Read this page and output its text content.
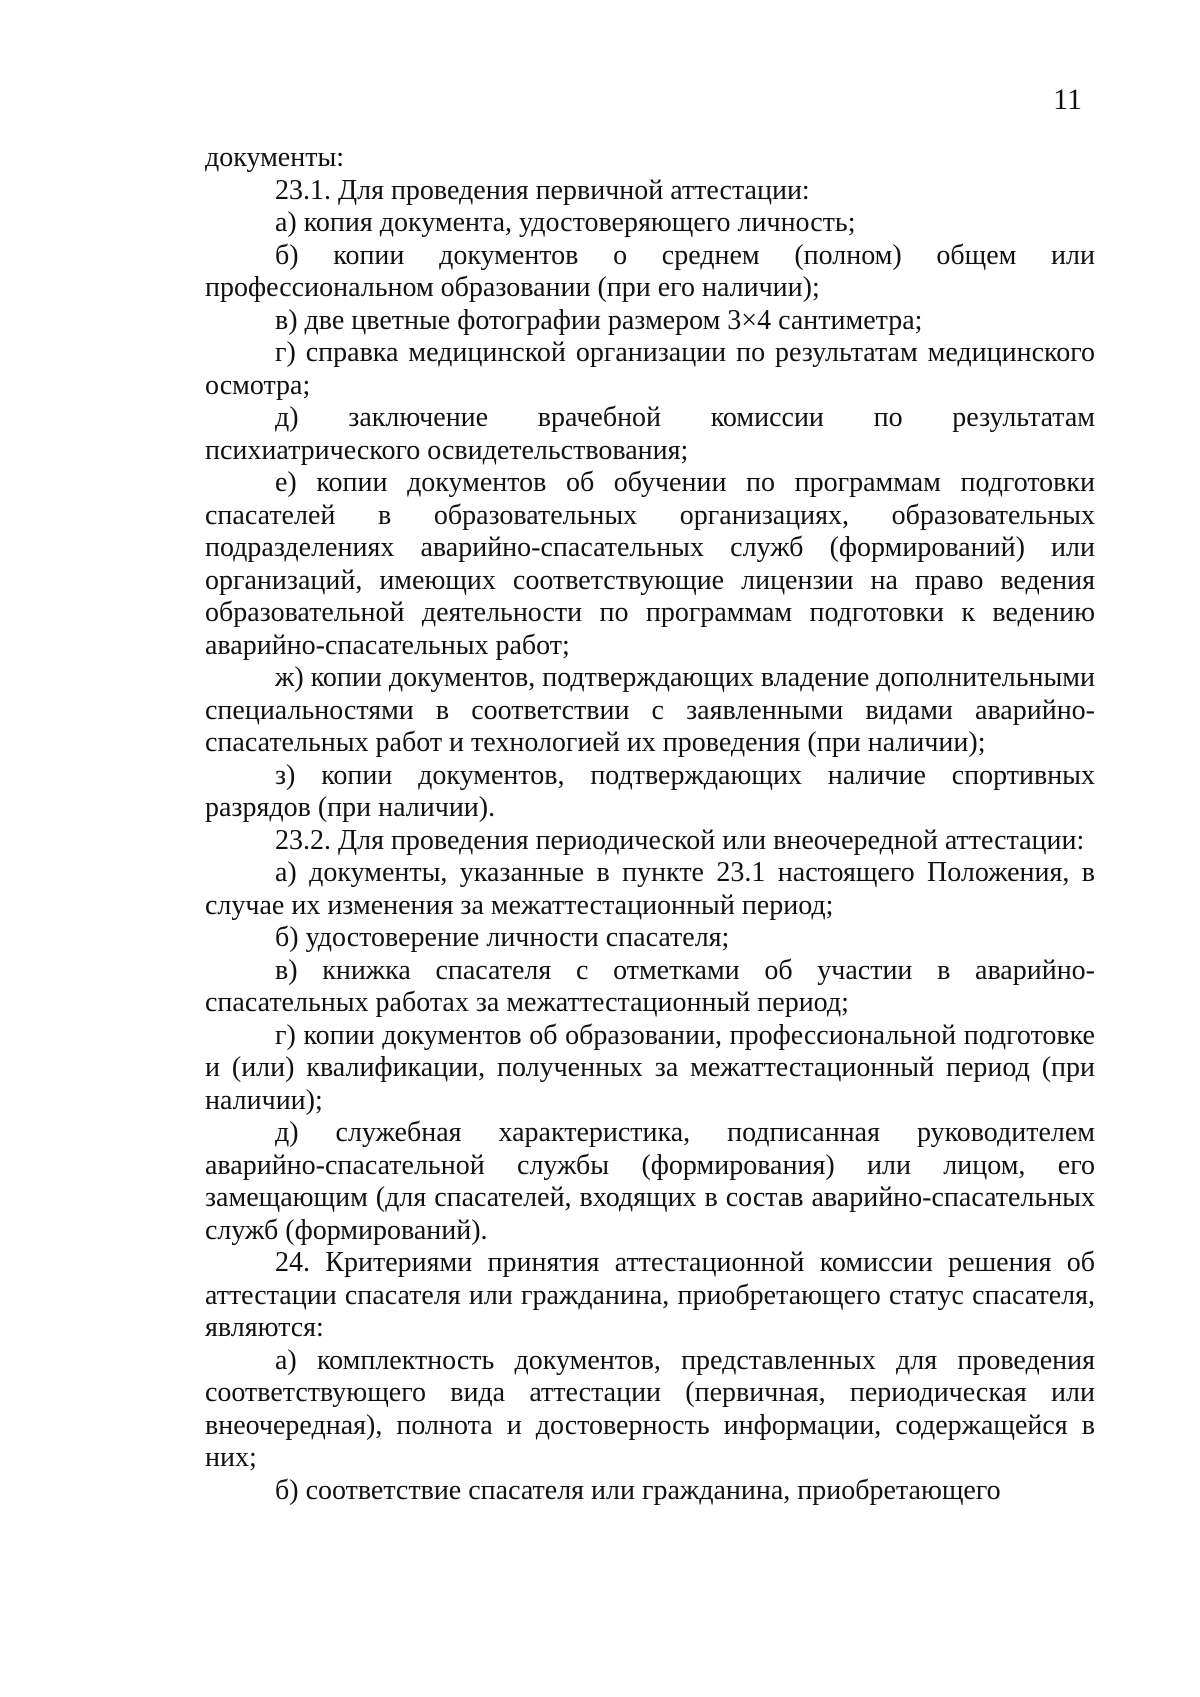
11

документы:

23.1. Для проведения первичной аттестации:

а) копия документа, удостоверяющего личность;

б) копии документов о среднем (полном) общем или профессиональном образовании (при его наличии);

в) две цветные фотографии размером 3×4 сантиметра;

г) справка медицинской организации по результатам медицинского осмотра;

д) заключение врачебной комиссии по результатам психиатрического освидетельствования;

е) копии документов об обучении по программам подготовки спасателей в образовательных организациях, образовательных подразделениях аварийно-спасательных служб (формирований) или организаций, имеющих соответствующие лицензии на право ведения образовательной деятельности по программам подготовки к ведению аварийно-спасательных работ;

ж) копии документов, подтверждающих владение дополнительными специальностями в соответствии с заявленными видами аварийно-спасательных работ и технологией их проведения (при наличии);

з) копии документов, подтверждающих наличие спортивных разрядов (при наличии).

23.2. Для проведения периодической или внеочередной аттестации:

а) документы, указанные в пункте 23.1 настоящего Положения, в случае их изменения за межаттестационный период;

б) удостоверение личности спасателя;

в) книжка спасателя с отметками об участии в аварийно-спасательных работах за межаттестационный период;

г) копии документов об образовании, профессиональной подготовке и (или) квалификации, полученных за межаттестационный период (при наличии);

д) служебная характеристика, подписанная руководителем аварийно-спасательной службы (формирования) или лицом, его замещающим (для спасателей, входящих в состав аварийно-спасательных служб (формирований).

24. Критериями принятия аттестационной комиссии решения об аттестации спасателя или гражданина, приобретающего статус спасателя, являются:

а) комплектность документов, представленных для проведения соответствующего вида аттестации (первичная, периодическая или внеочередная), полнота и достоверность информации, содержащейся в них;

б) соответствие спасателя или гражданина, приобретающего
